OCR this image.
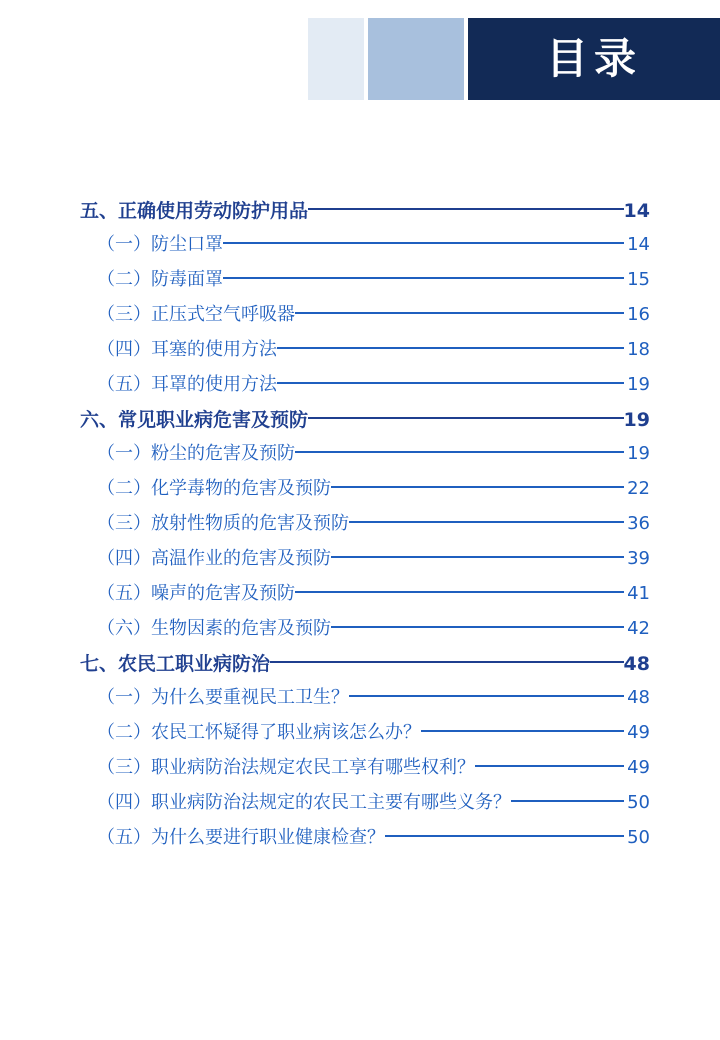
目录
五、正确使用劳动防护用品	14
（一）防尘口罩	14
（二）防毒面罩	15
（三）正压式空气呼吸器	16
（四）耳塞的使用方法	18
（五）耳罩的使用方法	19
六、常见职业病危害及预防	19
（一）粉尘的危害及预防	19
（二）化学毒物的危害及预防	22
（三）放射性物质的危害及预防	36
（四）高温作业的危害及预防	39
（五）噪声的危害及预防	41
（六）生物因素的危害及预防	42
七、农民工职业病防治	48
（一）为什么要重视民工卫生？	48
（二）农民工怀疑得了职业病该怎么办？	49
（三）职业病防治法规定农民工享有哪些权利？	49
（四）职业病防治法规定的农民工主要有哪些义务？	50
（五）为什么要进行职业健康检查？	50
